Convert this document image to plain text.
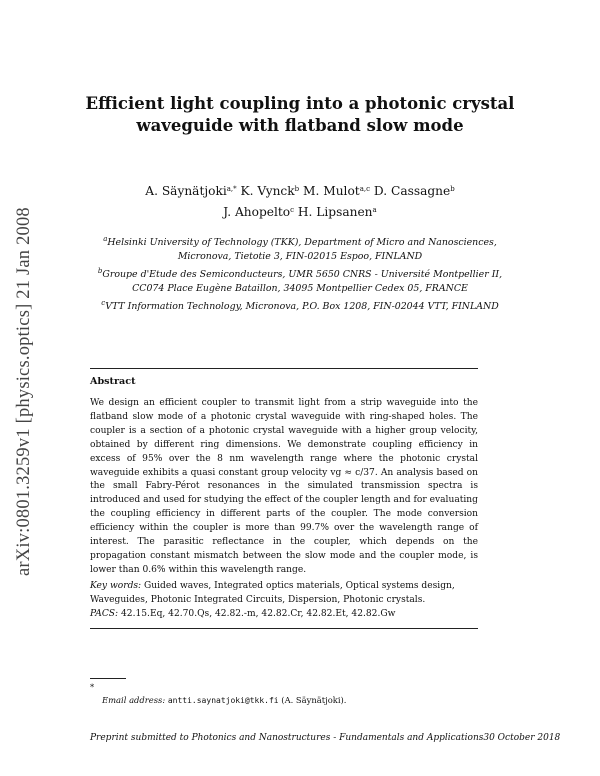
arXiv:0801.3259v1 [physics.optics] 21 Jan 2008
Efficient light coupling into a photonic crystal waveguide with flatband slow mode
A. Säynätjoki$^{a,*}$ K. Vynck$^b$ M. Mulot$^{a,c}$ D. Cassagne$^b$
J. Ahopelto$^c$ H. Lipsanen$^a$

$^a$Helsinki University of Technology (TKK), Department of Micro and Nanosciences, Micronova, Tietotie 3, FIN-02015 Espoo, FINLAND

$^b$Groupe d'Etude des Semiconducteurs, UMR 5650 CNRS - Université Montpellier II, CC074 Place Eugène Bataillon, 34095 Montpellier Cedex 05, FRANCE

$^c$VTT Information Technology, Micronova, P.O. Box 1208, FIN-02044 VTT, FINLAND

Abstract

We design an efficient coupler to transmit light from a strip waveguide into the flatband slow mode of a photonic crystal waveguide with ring-shaped holes. The coupler is a section of a photonic crystal waveguide with a higher group velocity, obtained by different ring dimensions. We demonstrate coupling efficiency in excess of 95% over the 8 nm wavelength range where the photonic crystal waveguide exhibits a quasi constant group velocity vg ≈ c/37. An analysis based on the small Fabry-Pérot resonances in the simulated transmission spectra is introduced and used for studying the effect of the coupler length and for evaluating the coupling efficiency in different parts of the coupler. The mode conversion efficiency within the coupler is more than 99.7% over the wavelength range of interest. The parasitic reflectance in the coupler, which depends on the propagation constant mismatch between the slow mode and the coupler mode, is lower than 0.6% within this wavelength range.

Key words: Guided waves, Integrated optics materials, Optical systems design, Waveguides, Photonic Integrated Circuits, Dispersion, Photonic crystals.
PACS: 42.15.Eq, 42.70.Qs, 42.82.-m, 42.82.Cr, 42.82.Et, 42.82.Gw
*
Email address: antti.saynatjoki@tkk.fi (A. Säynätjoki).
Preprint submitted to Photonics and Nanostructures - Fundamentals and Applications30 October 2018
